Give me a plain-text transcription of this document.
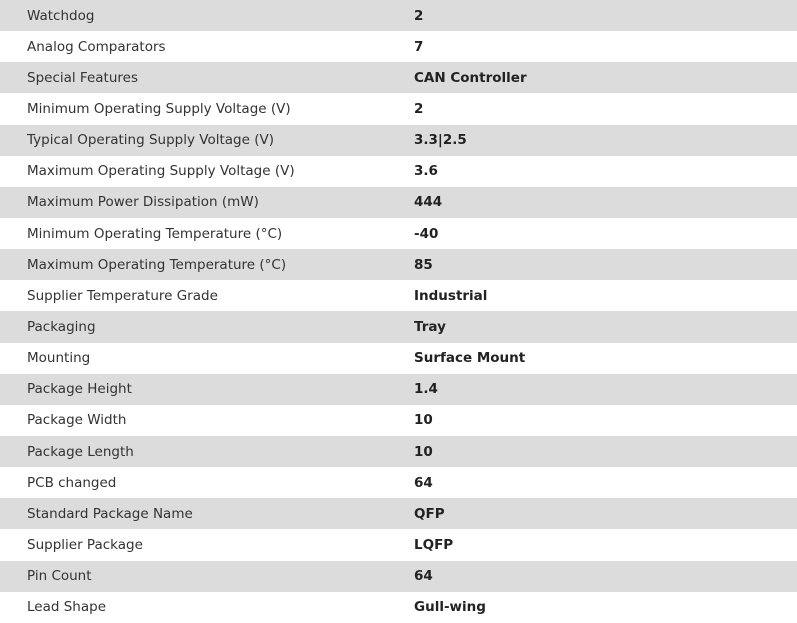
Watchdog	2
Analog Comparators	7
Special Features	CAN Controller
Minimum Operating Supply Voltage (V)	2
Typical Operating Supply Voltage (V)	3.3|2.5
Maximum Operating Supply Voltage (V)	3.6
Maximum Power Dissipation (mW)	444
Minimum Operating Temperature (°C)	-40
Maximum Operating Temperature (°C)	85
Supplier Temperature Grade	Industrial
Packaging	Tray
Mounting	Surface Mount
Package Height	1.4
Package Width	10
Package Length	10
PCB changed	64
Standard Package Name	QFP
Supplier Package	LQFP
Pin Count	64
Lead Shape	Gull-wing
